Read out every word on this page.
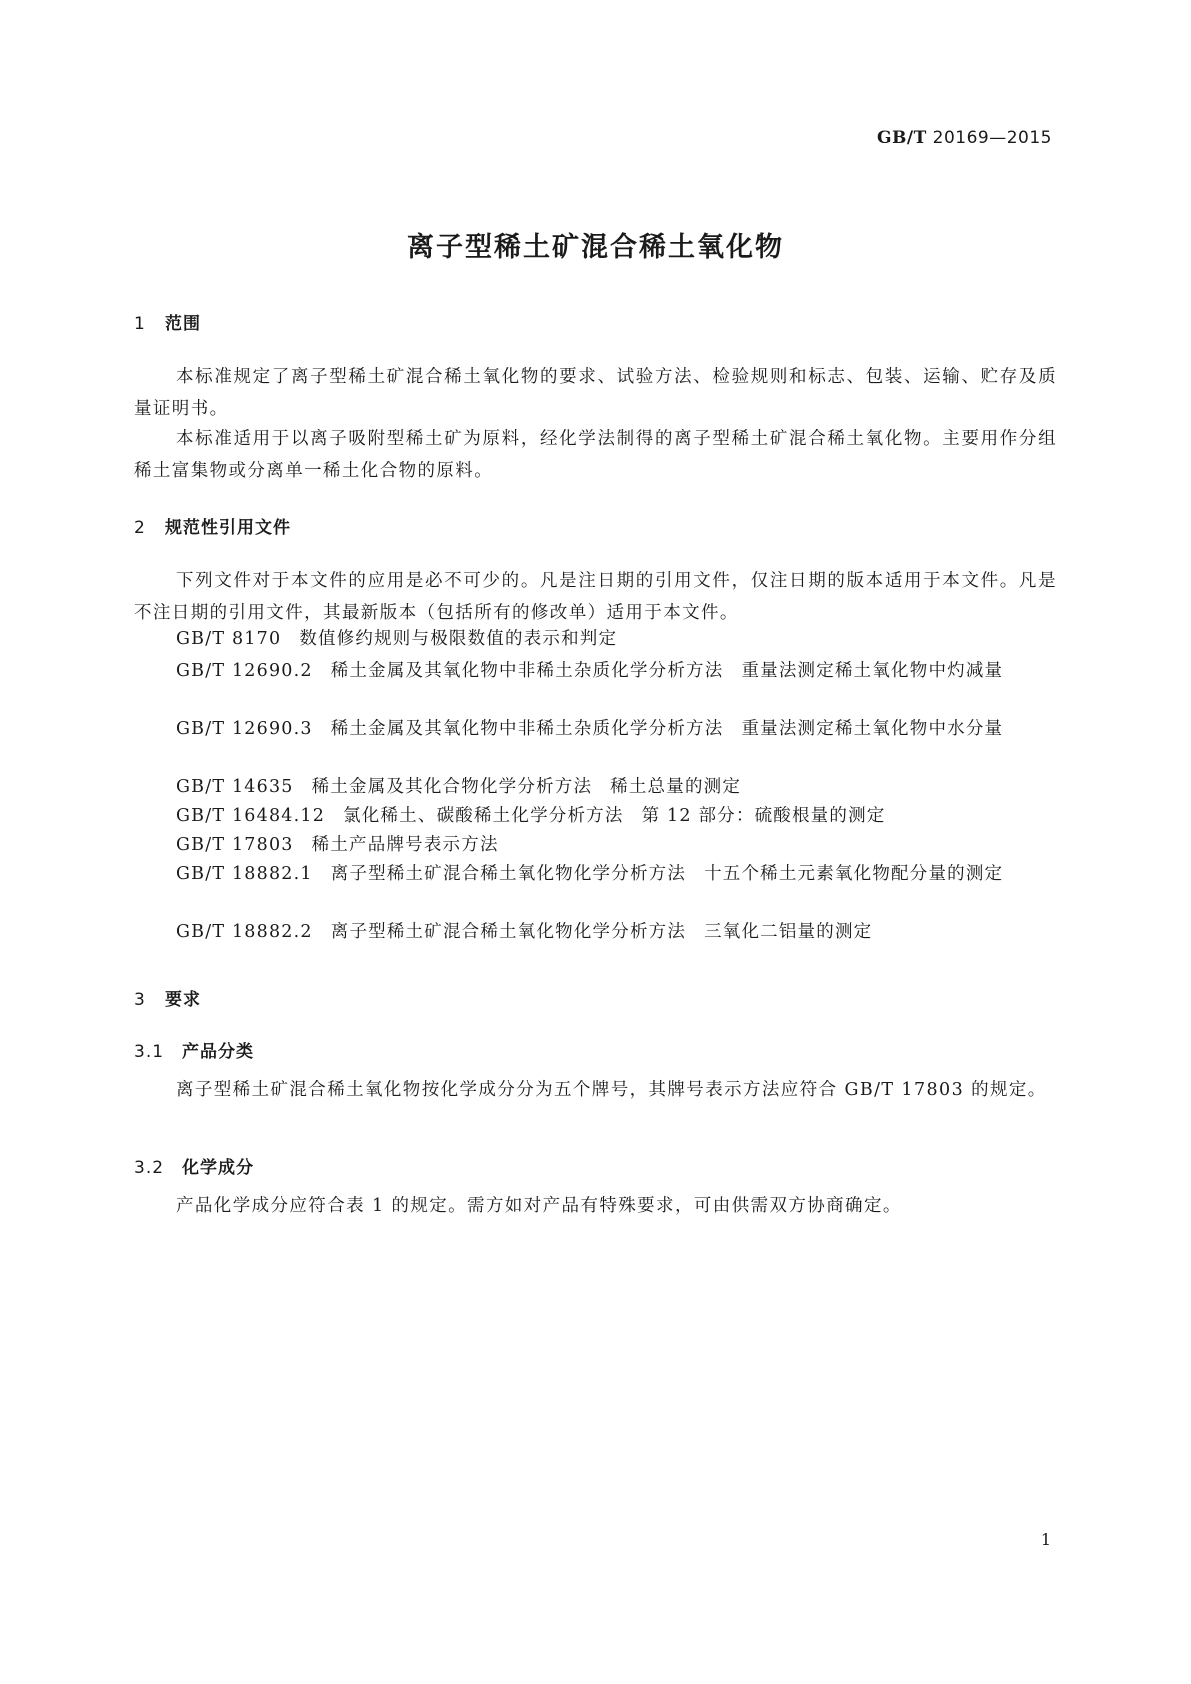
GB/T 20169—2015
离子型稀土矿混合稀土氧化物
1 范围
本标准规定了离子型稀土矿混合稀土氧化物的要求、试验方法、检验规则和标志、包装、运输、贮存及质量证明书。
本标准适用于以离子吸附型稀土矿为原料，经化学法制得的离子型稀土矿混合稀土氧化物。主要用作分组稀土富集物或分离单一稀土化合物的原料。
2 规范性引用文件
下列文件对于本文件的应用是必不可少的。凡是注日期的引用文件，仅注日期的版本适用于本文件。凡是不注日期的引用文件，其最新版本（包括所有的修改单）适用于本文件。
GB/T 8170 数值修约规则与极限数值的表示和判定
GB/T 12690.2 稀土金属及其氧化物中非稀土杂质化学分析方法 重量法测定稀土氧化物中灼减量
GB/T 12690.3 稀土金属及其氧化物中非稀土杂质化学分析方法 重量法测定稀土氧化物中水分量
GB/T 14635 稀土金属及其化合物化学分析方法 稀土总量的测定
GB/T 16484.12 氯化稀土、碳酸稀土化学分析方法 第 12 部分：硫酸根量的测定
GB/T 17803 稀土产品牌号表示方法
GB/T 18882.1 离子型稀土矿混合稀土氧化物化学分析方法 十五个稀土元素氧化物配分量的测定
GB/T 18882.2 离子型稀土矿混合稀土氧化物化学分析方法 三氧化二铝量的测定
3 要求
3.1 产品分类
离子型稀土矿混合稀土氧化物按化学成分分为五个牌号，其牌号表示方法应符合 GB/T 17803 的规定。
3.2 化学成分
产品化学成分应符合表 1 的规定。需方如对产品有特殊要求，可由供需双方协商确定。
1
